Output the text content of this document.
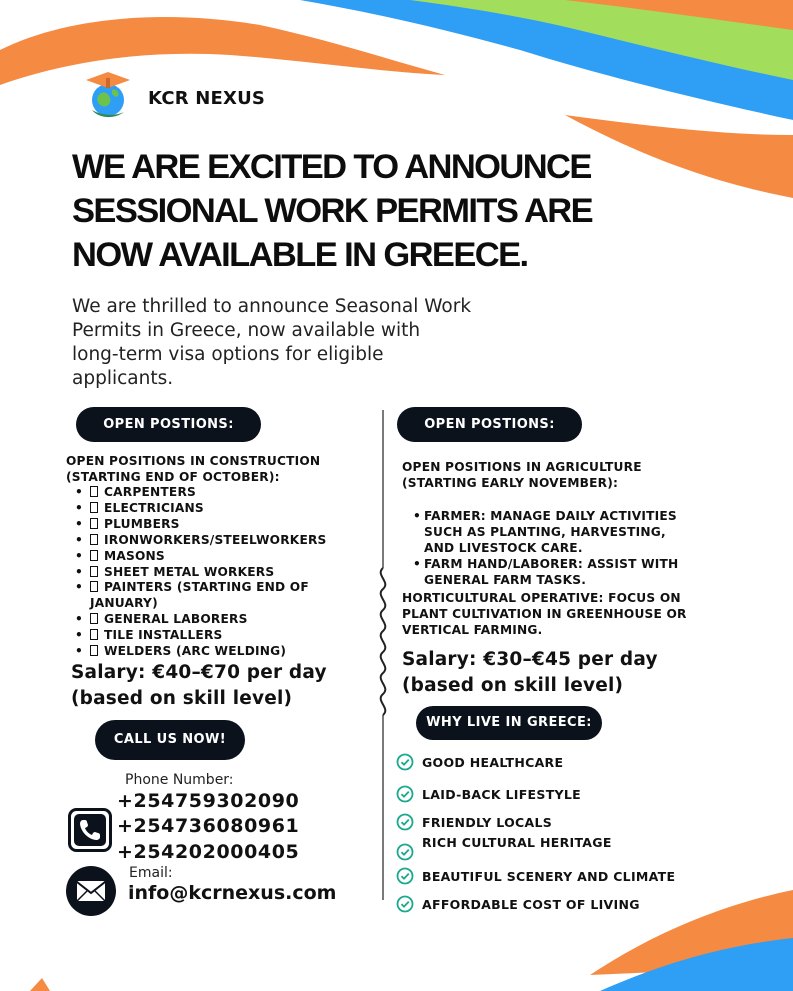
KCR NEXUS
WE ARE EXCITED TO ANNOUNCE
SESSIONAL WORK PERMITS ARE
NOW AVAILABLE IN GREECE.
We are thrilled to announce Seasonal Work Permits in Greece, now available with long-term visa options for eligible applicants.
OPEN POSTIONS:
OPEN POSITIONS IN CONSTRUCTION
(STARTING END OF OCTOBER):
• CARPENTERS
• ELECTRICIANS
• PLUMBERS
• IRONWORKERS/STEELWORKERS
• MASONS
• SHEET METAL WORKERS
• PAINTERS (STARTING END OF
JANUARY)
• GENERAL LABORERS
• TILE INSTALLERS
• WELDERS (ARC WELDING)
Salary: €40–€70 per day
(based on skill level)
CALL US NOW!
Phone Number:
+254759302090
+254736080961
+254202000405
Email:
info@kcrnexus.com
OPEN POSTIONS:
OPEN POSITIONS IN AGRICULTURE
(STARTING EARLY NOVEMBER):
• FARMER: MANAGE DAILY ACTIVITIES
SUCH AS PLANTING, HARVESTING,
AND LIVESTOCK CARE.
• FARM HAND/LABORER: ASSIST WITH
GENERAL FARM TASKS.
HORTICULTURAL OPERATIVE: FOCUS ON
PLANT CULTIVATION IN GREENHOUSE OR
VERTICAL FARMING.
Salary: €30–€45 per day
(based on skill level)
WHY LIVE IN GREECE:
GOOD HEALTHCARE
LAID-BACK LIFESTYLE
FRIENDLY LOCALS
RICH CULTURAL HERITAGE
BEAUTIFUL SCENERY AND CLIMATE
AFFORDABLE COST OF LIVING
